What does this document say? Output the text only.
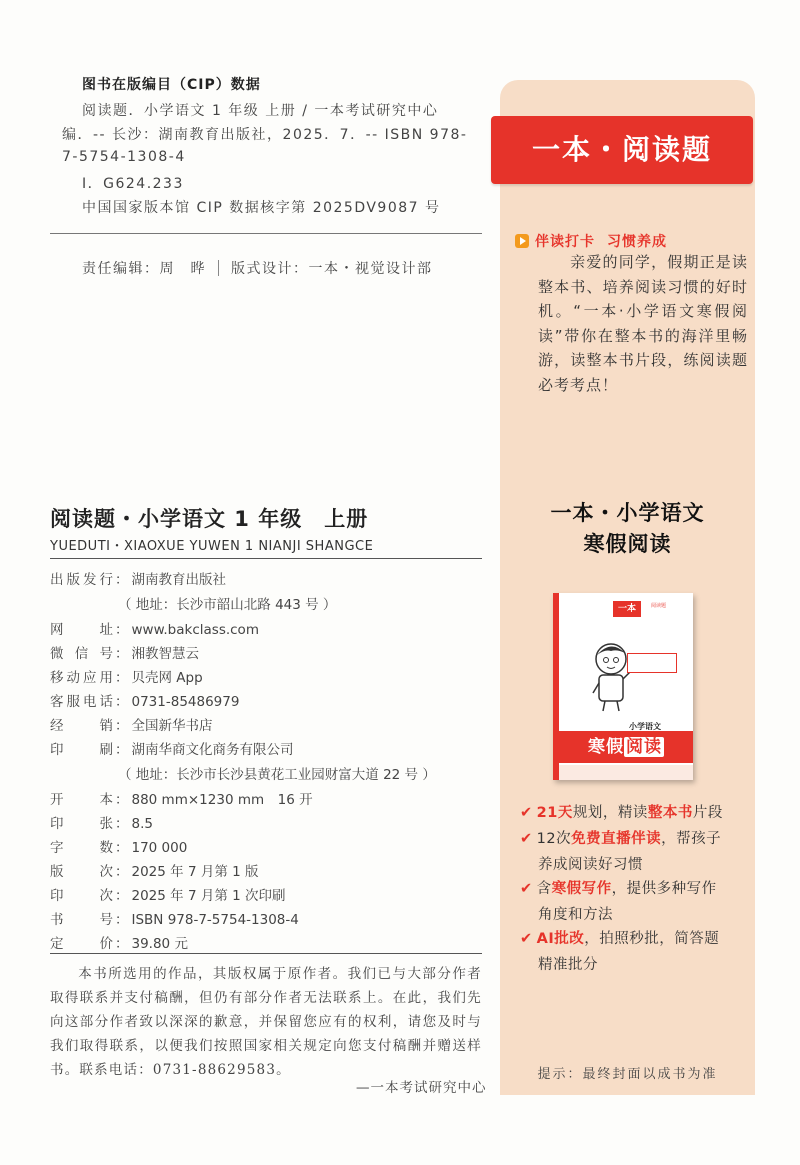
图书在版编目（CIP）数据
阅读题．小学语文 1 年级 上册 / 一本考试研究中心
编．-- 长沙：湖南教育出版社，2025．7．-- ISBN 978-
7-5754-1308-4
Ⅰ．G624.233
中国国家版本馆 CIP 数据核字第 2025DV9087 号
责任编辑：周　晔 版式设计：一本・视觉设计部
阅读题・小学语文 1 年级　上册
YUEDUTI・XIAOXUE YUWEN 1 NIANJI SHANGCE
出版发行 ： 湖南教育出版社
（ 地址：长沙市韶山北路 443 号 ）
网　　址 ： www.bakclass.com
微 信 号 ： 湘教智慧云
移动应用 ： 贝壳网 App
客服电话 ： 0731-85486979
经　　销 ： 全国新华书店
印　　刷 ： 湖南华商文化商务有限公司
（ 地址：长沙市长沙县黄花工业园财富大道 22 号 ）
开　　本 ： 880 mm×1230 mm　16 开
印　　张 ： 8.5
字　　数 ： 170 000
版　　次 ： 2025 年 7 月第 1 版
印　　次 ： 2025 年 7 月第 1 次印刷
书　　号 ： ISBN 978-7-5754-1308-4
定　　价 ： 39.80 元
本书所选用的作品，其版权属于原作者。我们已与大部分作者取得联系并支付稿酬，但仍有部分作者无法联系上。在此，我们先向这部分作者致以深深的歉意，并保留您应有的权利，请您及时与我们取得联系，以便我们按照国家相关规定向您支付稿酬并赠送样书。联系电话：0731-88629583。
—一本考试研究中心
一本・阅读题
伴读打卡 习惯养成
亲爱的同学，假期正是读整本书、培养阅读习惯的好时机。“一本·小学语文寒假阅读”带你在整本书的海洋里畅游，读整本书片段，练阅读题必考考点！
一本・小学语文
寒假阅读
一本	阅读题
小学语文
寒假 阅读
✔ 21天规划，精读整本书片段
✔ 12次免费直播伴读，帮孩子
养成阅读好习惯
✔ 含寒假写作，提供多种写作
角度和方法
✔ AI批改，拍照秒批，简答题
精准批分
提示：最终封面以成书为准
